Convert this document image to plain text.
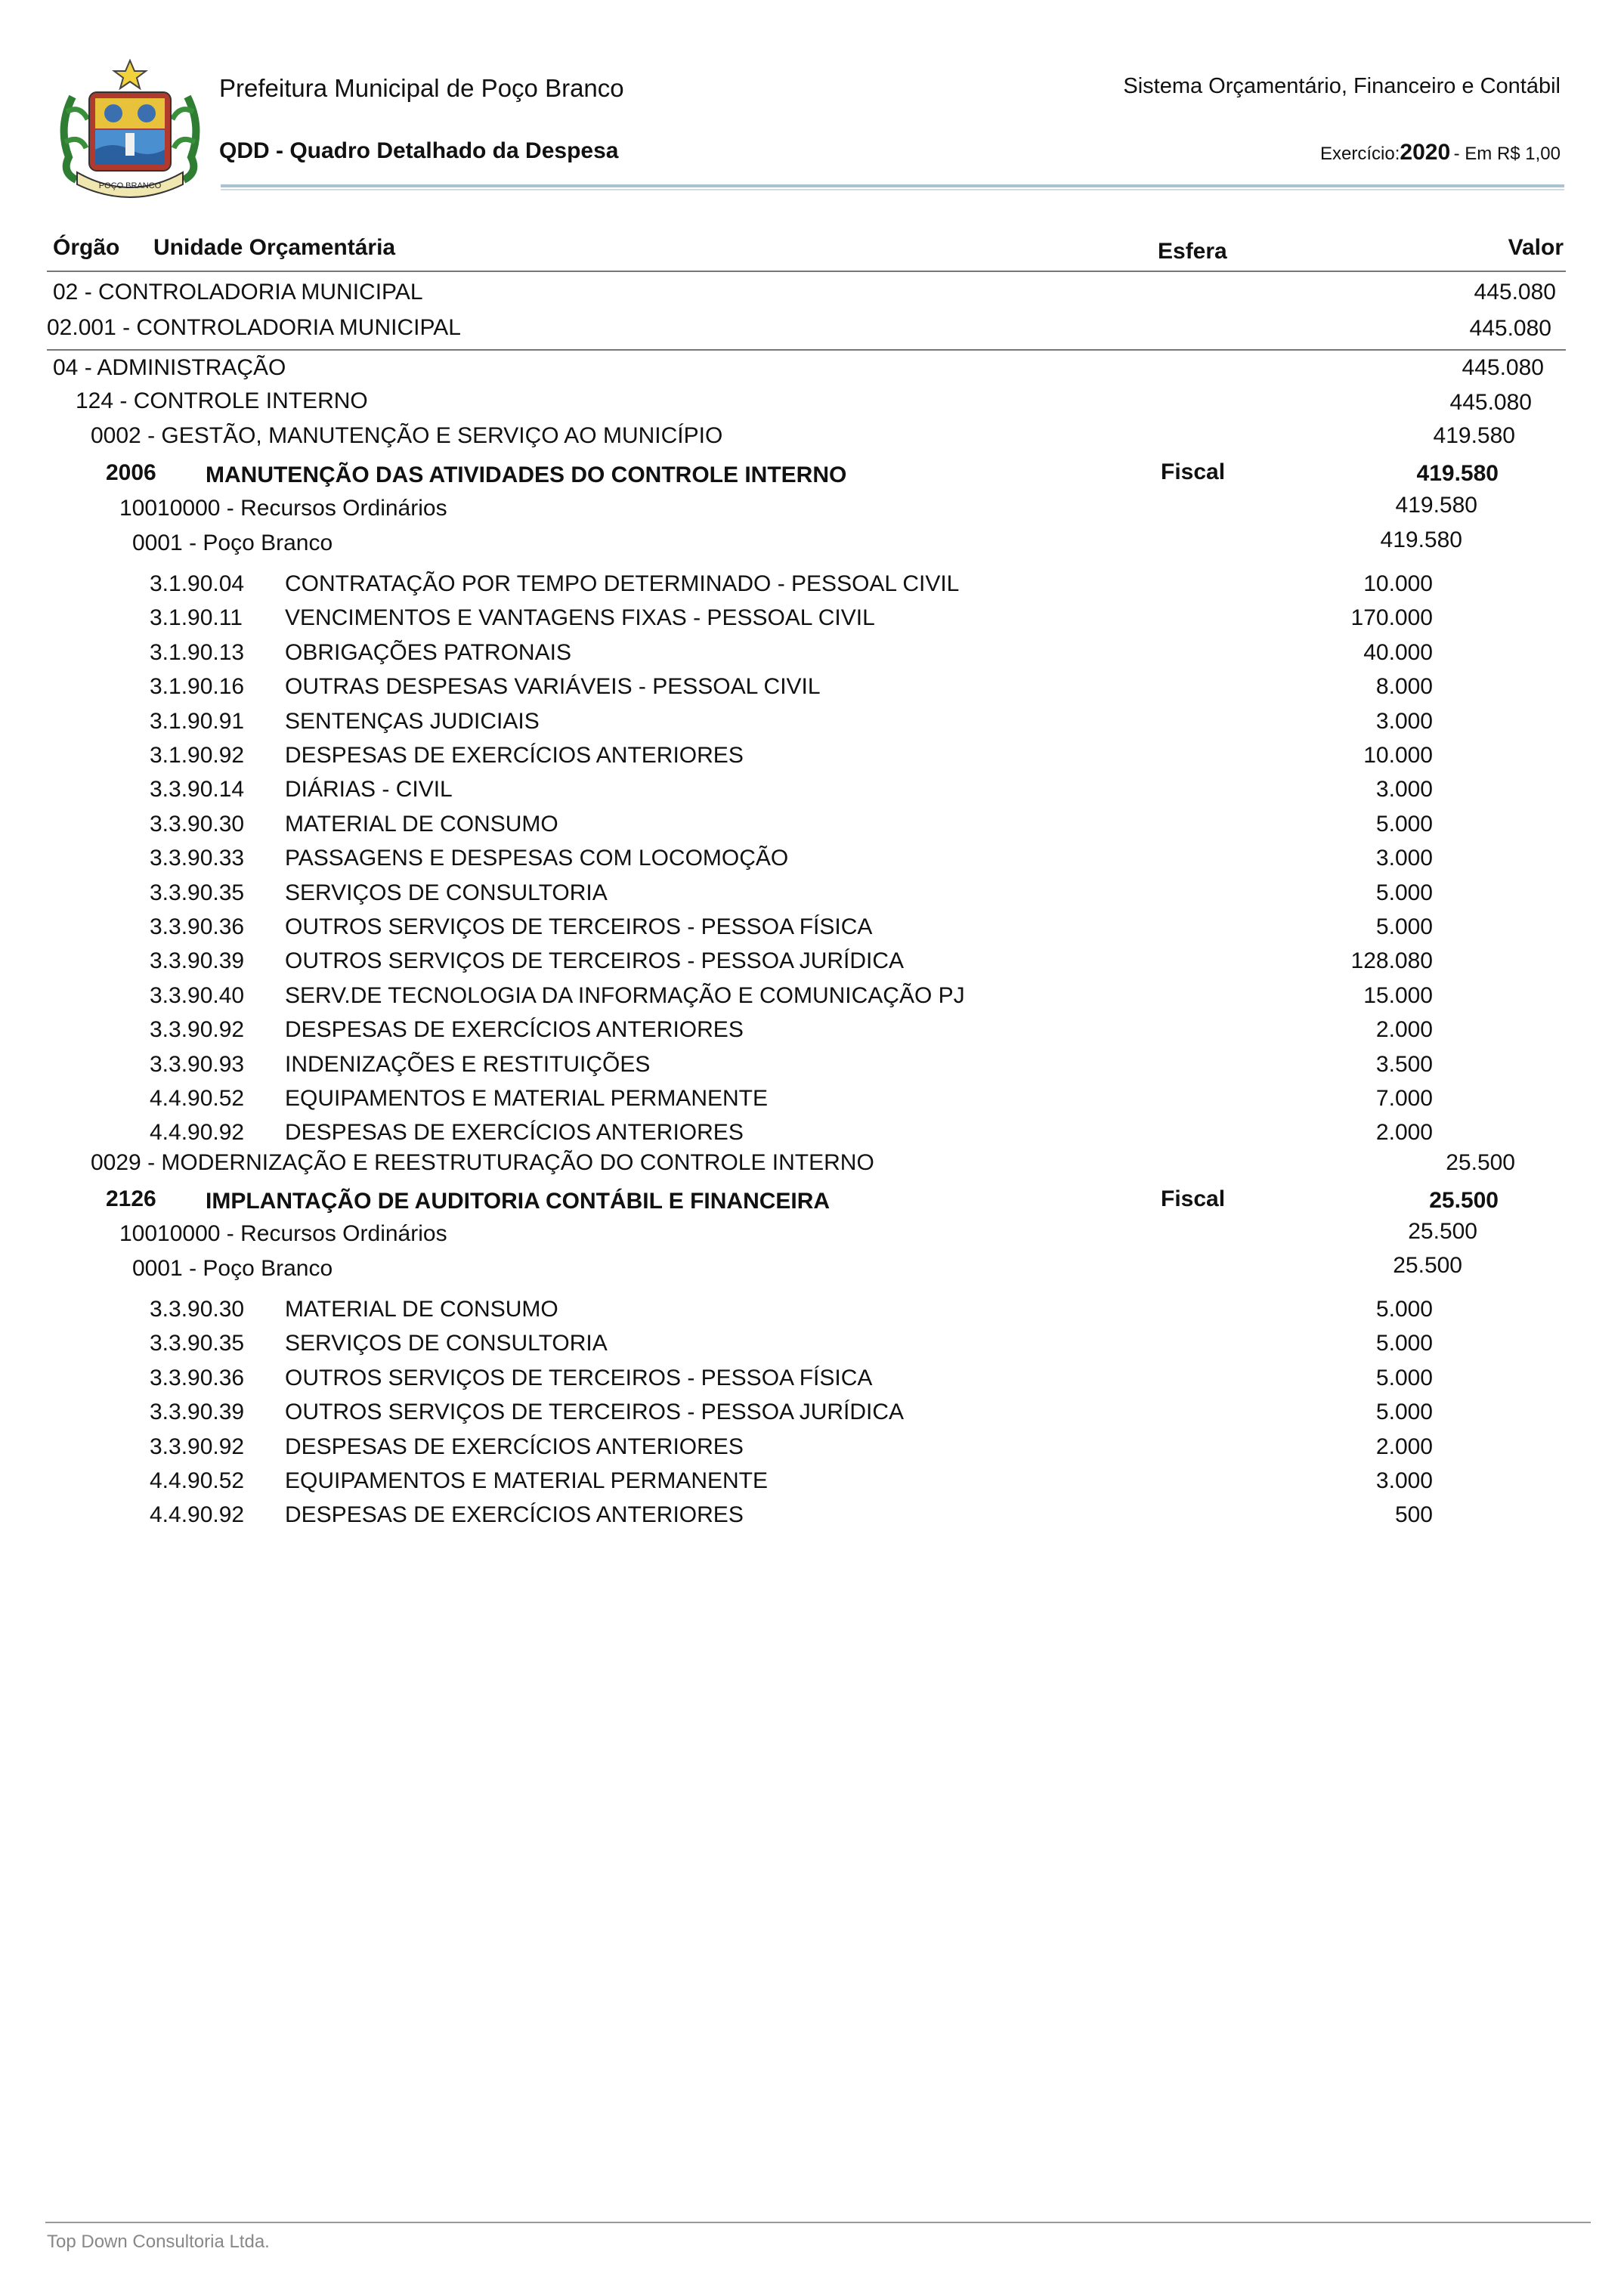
POÇO BRANCO
Prefeitura Municipal de Poço Branco
QDD - Quadro Detalhado da Despesa
Sistema Orçamentário, Financeiro e Contábil
Exercício:2020 - Em R$ 1,00
Órgão Unidade Orçamentária	Esfera	Valor
02 - CONTROLADORIA MUNICIPAL	445.080
02.001 - CONTROLADORIA MUNICIPAL	445.080
04 - ADMINISTRAÇÃO	445.080
124 - CONTROLE INTERNO	445.080
0002 - GESTÃO, MANUTENÇÃO E SERVIÇO AO MUNICÍPIO	419.580
2006 MANUTENÇÃO DAS ATIVIDADES DO CONTROLE INTERNO	Fiscal	419.580
10010000 - Recursos Ordinários	419.580
0001 - Poço Branco	419.580
3.1.90.04 CONTRATAÇÃO POR TEMPO DETERMINADO - PESSOAL CIVIL	10.000
3.1.90.11 VENCIMENTOS E VANTAGENS FIXAS - PESSOAL CIVIL	170.000
3.1.90.13 OBRIGAÇÕES PATRONAIS	40.000
3.1.90.16 OUTRAS DESPESAS VARIÁVEIS - PESSOAL CIVIL	8.000
3.1.90.91 SENTENÇAS JUDICIAIS	3.000
3.1.90.92 DESPESAS DE EXERCÍCIOS ANTERIORES	10.000
3.3.90.14 DIÁRIAS - CIVIL	3.000
3.3.90.30 MATERIAL DE CONSUMO	5.000
3.3.90.33 PASSAGENS E DESPESAS COM LOCOMOÇÃO	3.000
3.3.90.35 SERVIÇOS DE CONSULTORIA	5.000
3.3.90.36 OUTROS SERVIÇOS DE TERCEIROS - PESSOA FÍSICA	5.000
3.3.90.39 OUTROS SERVIÇOS DE TERCEIROS - PESSOA JURÍDICA	128.080
3.3.90.40 SERV.DE TECNOLOGIA DA INFORMAÇÃO E COMUNICAÇÃO PJ	15.000
3.3.90.92 DESPESAS DE EXERCÍCIOS ANTERIORES	2.000
3.3.90.93 INDENIZAÇÕES E RESTITUIÇÕES	3.500
4.4.90.52 EQUIPAMENTOS E MATERIAL PERMANENTE	7.000
4.4.90.92 DESPESAS DE EXERCÍCIOS ANTERIORES	2.000
0029 - MODERNIZAÇÃO E REESTRUTURAÇÃO DO CONTROLE INTERNO	25.500
2126 IMPLANTAÇÃO DE AUDITORIA CONTÁBIL E FINANCEIRA	Fiscal	25.500
10010000 - Recursos Ordinários	25.500
0001 - Poço Branco	25.500
3.3.90.30 MATERIAL DE CONSUMO	5.000
3.3.90.35 SERVIÇOS DE CONSULTORIA	5.000
3.3.90.36 OUTROS SERVIÇOS DE TERCEIROS - PESSOA FÍSICA	5.000
3.3.90.39 OUTROS SERVIÇOS DE TERCEIROS - PESSOA JURÍDICA	5.000
3.3.90.92 DESPESAS DE EXERCÍCIOS ANTERIORES	2.000
4.4.90.52 EQUIPAMENTOS E MATERIAL PERMANENTE	3.000
4.4.90.92 DESPESAS DE EXERCÍCIOS ANTERIORES	500
Top Down Consultoria Ltda.
